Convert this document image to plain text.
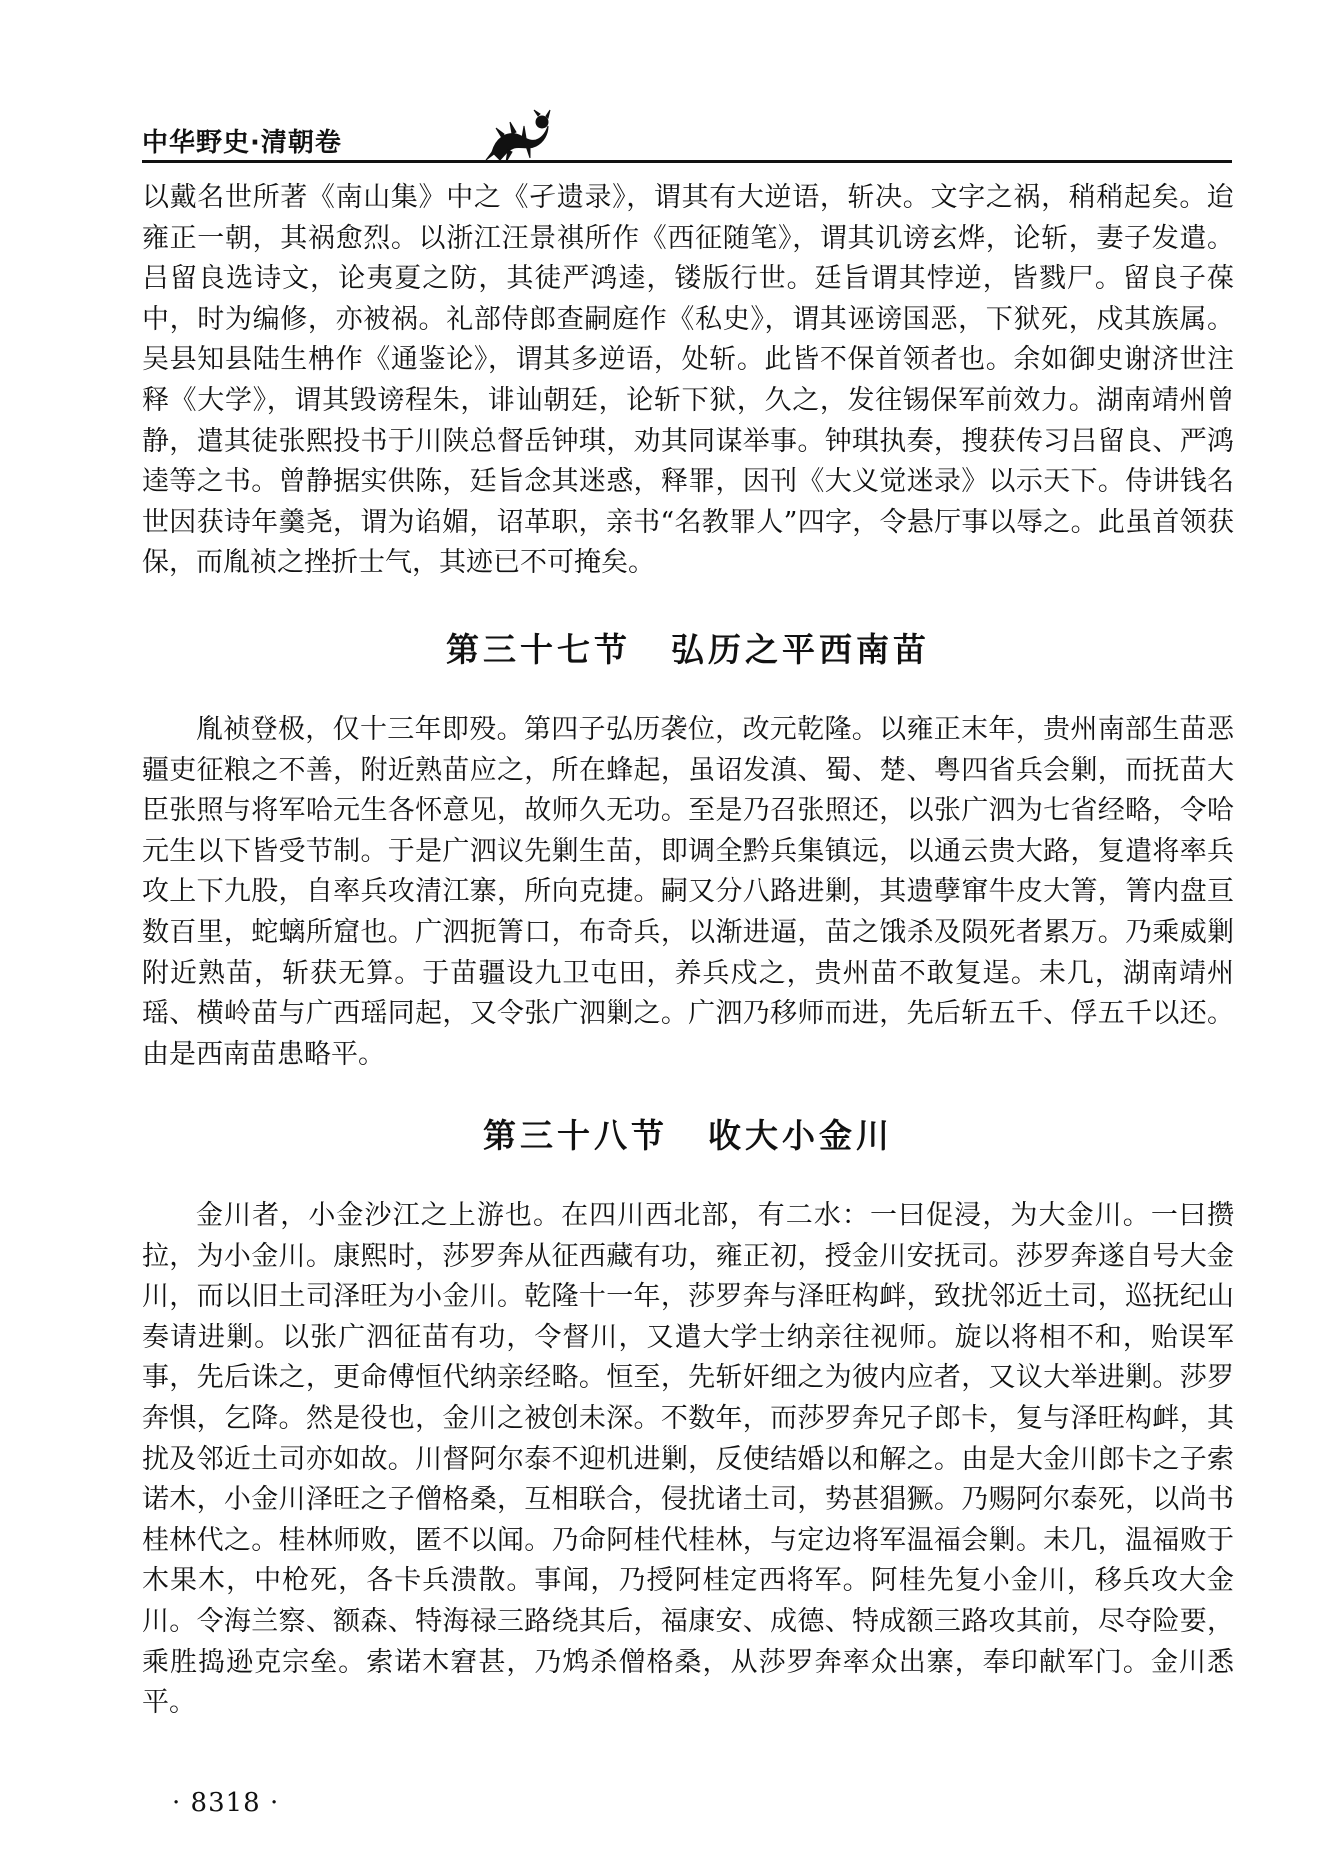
中华野史·清朝卷

以戴名世所著《南山集》中之《孑遗录》，谓其有大逆语，斩决。文字之祸，稍稍起矣。迨雍正一朝，其祸愈烈。以浙江汪景祺所作《西征随笔》，谓其讥谤玄烨，论斩，妻子发遣。吕留良选诗文，论夷夏之防，其徒严鸿逵，镂版行世。廷旨谓其悖逆，皆戮尸。留良子葆中，时为编修，亦被祸。礼部侍郎查嗣庭作《私史》，谓其诬谤国恶，下狱死，戍其族属。吴县知县陆生柟作《通鉴论》，谓其多逆语，处斩。此皆不保首领者也。余如御史谢济世注释《大学》，谓其毁谤程朱，诽讪朝廷，论斩下狱，久之，发往锡保军前效力。湖南靖州曾静，遣其徒张熙投书于川陕总督岳钟琪，劝其同谋举事。钟琪执奏，搜获传习吕留良、严鸿逵等之书。曾静据实供陈，廷旨念其迷惑，释罪，因刊《大义觉迷录》以示天下。侍讲钱名世因获诗年羹尧，谓为谄媚，诏革职，亲书“名教罪人”四字，令悬厅事以辱之。此虽首领获保，而胤祯之挫折士气，其迹已不可掩矣。

第三十七节 弘历之平西南苗

胤祯登极，仅十三年即殁。第四子弘历袭位，改元乾隆。以雍正末年，贵州南部生苗恶疆吏征粮之不善，附近熟苗应之，所在蜂起，虽诏发滇、蜀、楚、粤四省兵会剿，而抚苗大臣张照与将军哈元生各怀意见，故师久无功。至是乃召张照还，以张广泗为七省经略，令哈元生以下皆受节制。于是广泗议先剿生苗，即调全黔兵集镇远，以通云贵大路，复遣将率兵攻上下九股，自率兵攻清江寨，所向克捷。嗣又分八路进剿，其遗孽窜牛皮大箐，箐内盘亘数百里，蛇螭所窟也。广泗扼箐口，布奇兵，以渐进逼，苗之饿杀及陨死者累万。乃乘威剿附近熟苗，斩获无算。于苗疆设九卫屯田，养兵戍之，贵州苗不敢复逞。未几，湖南靖州瑶、横岭苗与广西瑶同起，又令张广泗剿之。广泗乃移师而进，先后斩五千、俘五千以还。由是西南苗患略平。

第三十八节 收大小金川

金川者，小金沙江之上游也。在四川西北部，有二水：一曰促浸，为大金川。一曰攒拉，为小金川。康熙时，莎罗奔从征西藏有功，雍正初，授金川安抚司。莎罗奔遂自号大金川，而以旧土司泽旺为小金川。乾隆十一年，莎罗奔与泽旺构衅，致扰邻近土司，巡抚纪山奏请进剿。以张广泗征苗有功，令督川，又遣大学士纳亲往视师。旋以将相不和，贻误军事，先后诛之，更命傅恒代纳亲经略。恒至，先斩奸细之为彼内应者，又议大举进剿。莎罗奔惧，乞降。然是役也，金川之被创未深。不数年，而莎罗奔兄子郎卡，复与泽旺构衅，其扰及邻近土司亦如故。川督阿尔泰不迎机进剿，反使结婚以和解之。由是大金川郎卡之子索诺木，小金川泽旺之子僧格桑，互相联合，侵扰诸土司，势甚猖獗。乃赐阿尔泰死，以尚书桂林代之。桂林师败，匿不以闻。乃命阿桂代桂林，与定边将军温福会剿。未几，温福败于木果木，中枪死，各卡兵溃散。事闻，乃授阿桂定西将军。阿桂先复小金川，移兵攻大金川。令海兰察、额森、特海禄三路绕其后，福康安、成德、特成额三路攻其前，尽夺险要，乘胜捣逊克宗垒。索诺木窘甚，乃鸩杀僧格桑，从莎罗奔率众出寨，奉印献军门。金川悉平。

· 8318 ·
